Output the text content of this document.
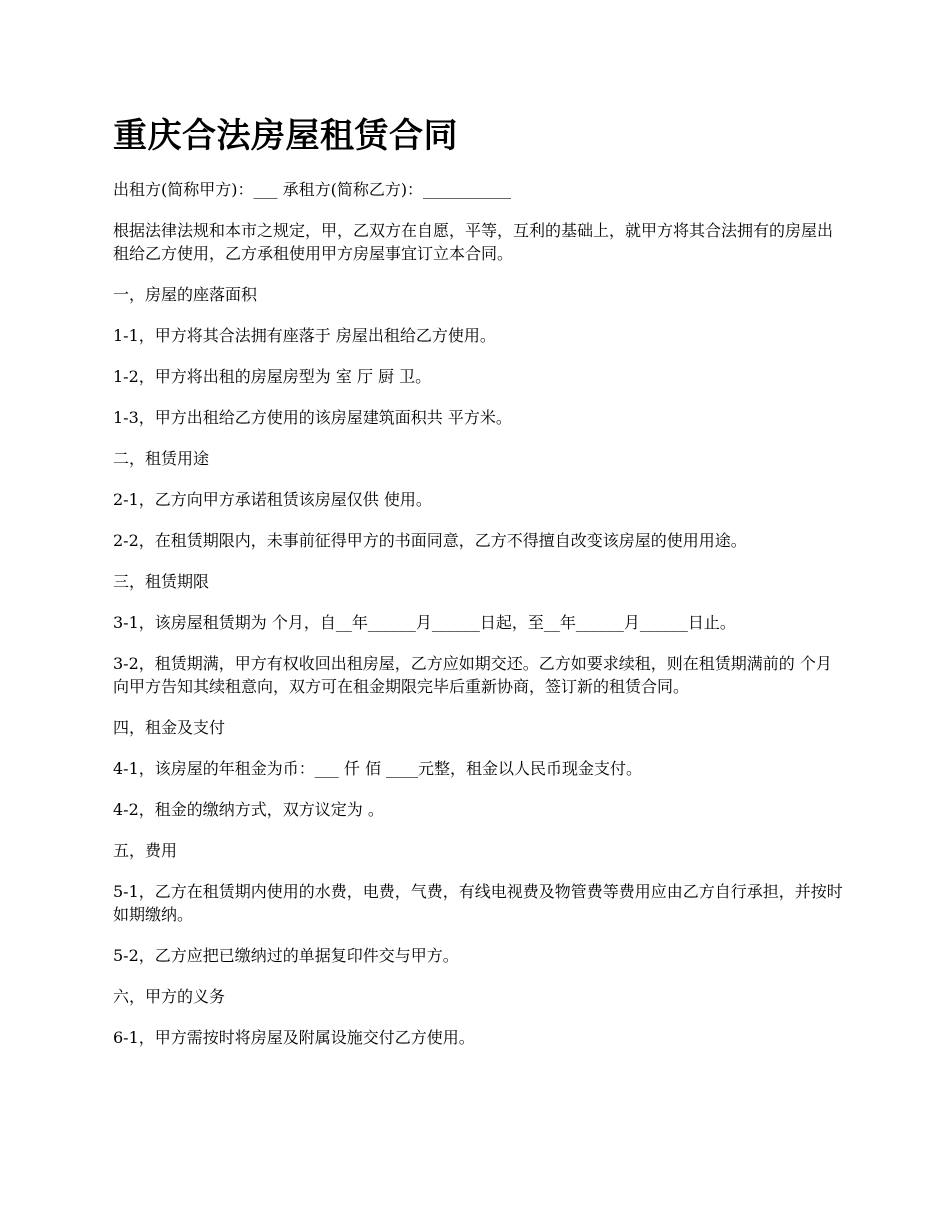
重庆合法房屋租赁合同

出租方(简称甲方)：___ 承租方(简称乙方)：___________

根据法律法规和本市之规定，甲，乙双方在自愿，平等，互利的基础上，就甲方将其合法拥有的房屋出租给乙方使用，乙方承租使用甲方房屋事宜订立本合同。

一，房屋的座落面积

1-1，甲方将其合法拥有座落于 房屋出租给乙方使用。

1-2，甲方将出租的房屋房型为 室 厅 厨 卫。

1-3，甲方出租给乙方使用的该房屋建筑面积共 平方米。

二，租赁用途

2-1，乙方向甲方承诺租赁该房屋仅供 使用。

2-2，在租赁期限内，未事前征得甲方的书面同意，乙方不得擅自改变该房屋的使用用途。

三，租赁期限

3-1，该房屋租赁期为 个月，自__年______月______日起，至__年______月______日止。

3-2，租赁期满，甲方有权收回出租房屋，乙方应如期交还。乙方如要求续租，则在租赁期满前的 个月向甲方告知其续租意向，双方可在租金期限完毕后重新协商，签订新的租赁合同。

四，租金及支付

4-1，该房屋的年租金为币：___ 仟 佰 ____元整，租金以人民币现金支付。

4-2，租金的缴纳方式，双方议定为 。

五，费用

5-1，乙方在租赁期内使用的水费，电费，气费，有线电视费及物管费等费用应由乙方自行承担，并按时如期缴纳。

5-2，乙方应把已缴纳过的单据复印件交与甲方。

六，甲方的义务

6-1，甲方需按时将房屋及附属设施交付乙方使用。
